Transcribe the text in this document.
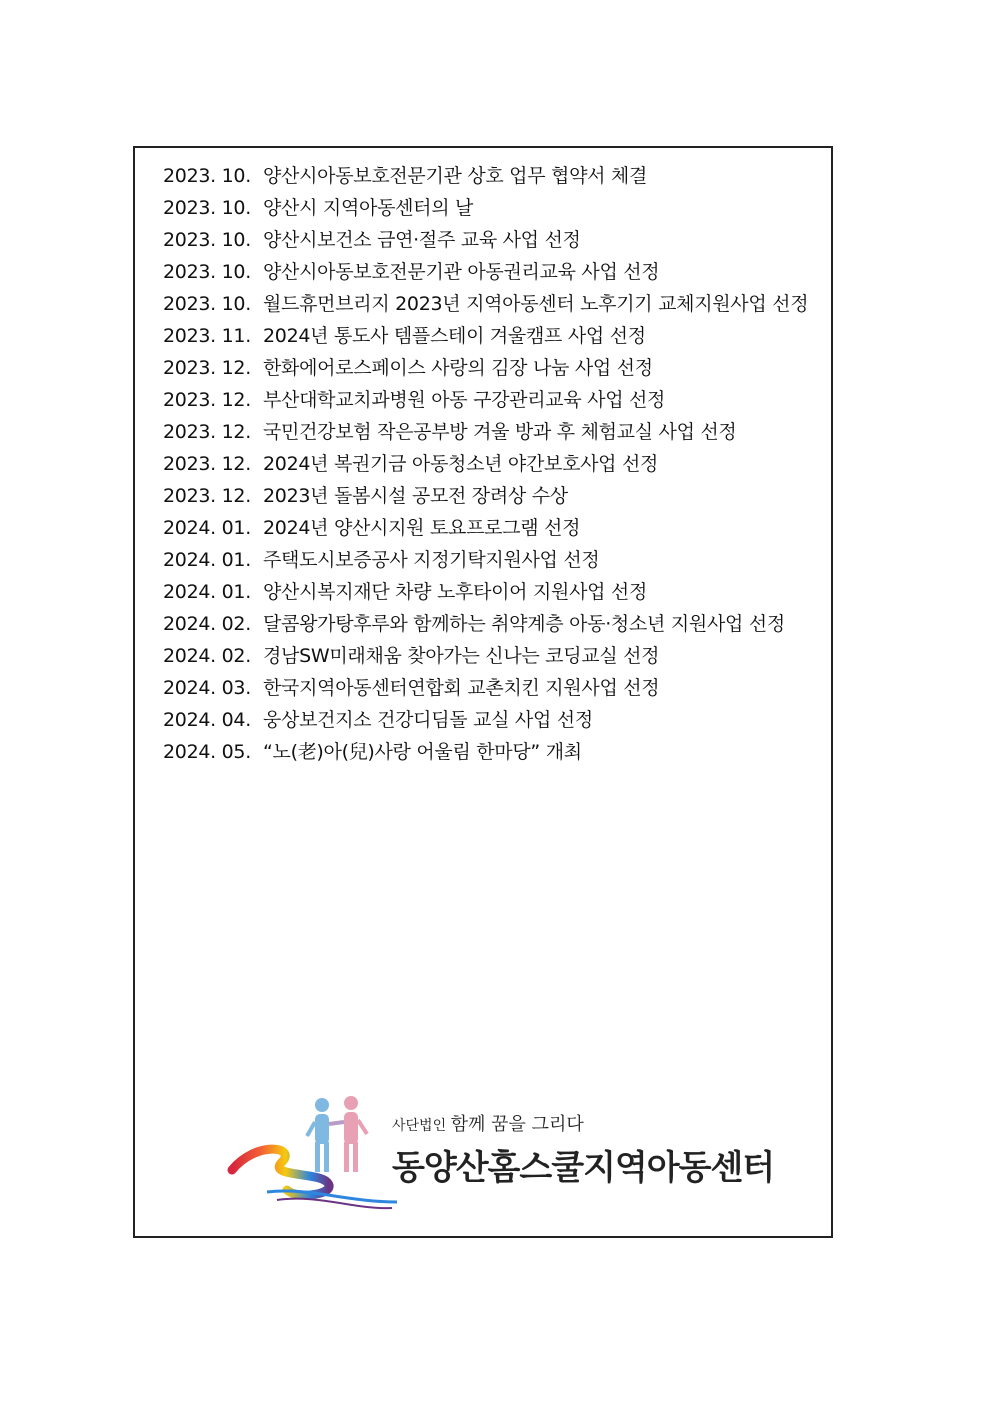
2023. 10. 양산시아동보호전문기관 상호 업무 협약서 체결
2023. 10. 양산시 지역아동센터의 날
2023. 10. 양산시보건소 금연·절주 교육 사업 선정
2023. 10. 양산시아동보호전문기관 아동권리교육 사업 선정
2023. 10. 월드휴먼브리지 2023년 지역아동센터 노후기기 교체지원사업 선정
2023. 11. 2024년 통도사 템플스테이 겨울캠프 사업 선정
2023. 12. 한화에어로스페이스 사랑의 김장 나눔 사업 선정
2023. 12. 부산대학교치과병원 아동 구강관리교육 사업 선정
2023. 12. 국민건강보험 작은공부방 겨울 방과 후 체험교실 사업 선정
2023. 12. 2024년 복권기금 아동청소년 야간보호사업 선정
2023. 12. 2023년 돌봄시설 공모전 장려상 수상
2024. 01. 2024년 양산시지원 토요프로그램 선정
2024. 01. 주택도시보증공사 지정기탁지원사업 선정
2024. 01. 양산시복지재단 차량 노후타이어 지원사업 선정
2024. 02. 달콤왕가탕후루와 함께하는 취약계층 아동·청소년 지원사업 선정
2024. 02. 경남SW미래채움 찾아가는 신나는 코딩교실 선정
2024. 03. 한국지역아동센터연합회 교촌치킨 지원사업 선정
2024. 04. 웅상보건지소 건강디딤돌 교실 사업 선정
2024. 05. “노(老)아(兒)사랑 어울림 한마당” 개최
사단법인 함께 꿈을 그리다
동양산홈스쿨지역아동센터
